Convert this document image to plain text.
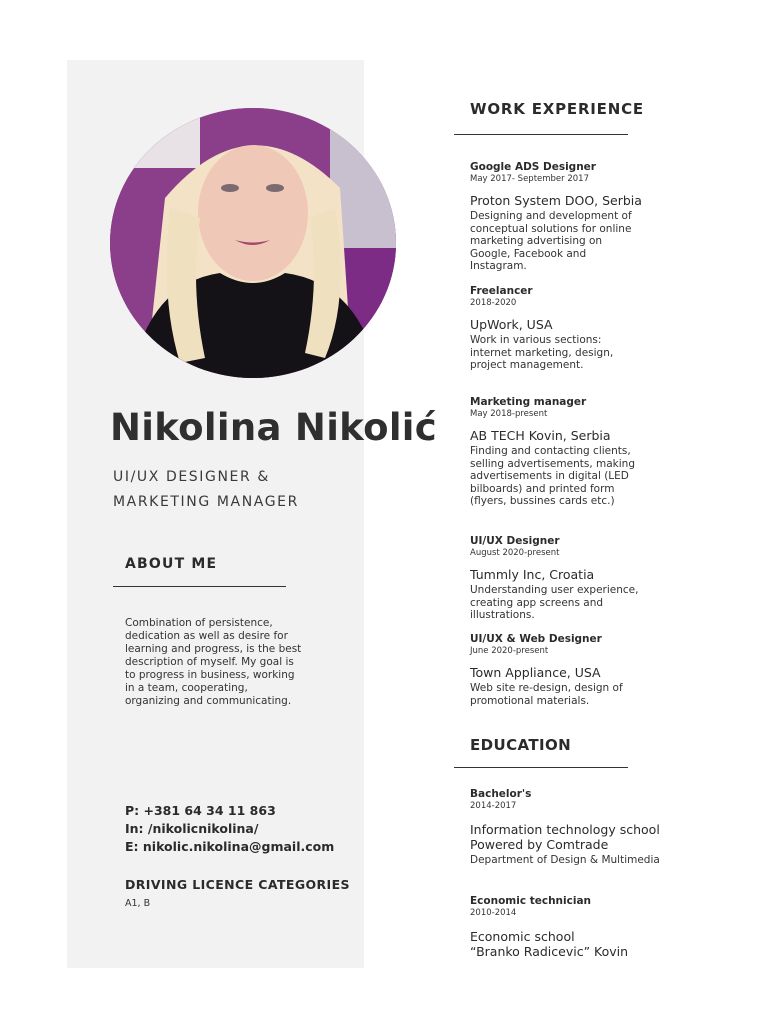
Nikolina Nikolić
UI/UX DESIGNER &
MARKETING MANAGER
ABOUT ME
Combination of persistence, dedication as well as desire for learning and progress, is the best description of myself. My goal is to progress in business, working in a team, cooperating, organizing and communicating.
P: +381 64 34 11 863
In: /nikolicnikolina/
E: nikolic.nikolina@gmail.com
DRIVING LICENCE CATEGORIES
A1, B
WORK EXPERIENCE
Google ADS Designer
May 2017- September 2017
Proton System DOO, Serbia
Designing and development of conceptual solutions for online marketing advertising on Google, Facebook and Instagram.
Freelancer
2018-2020
UpWork, USA
Work in various sections: internet marketing, design, project management.
Marketing manager
May 2018-present
AB TECH Kovin, Serbia
Finding and contacting clients, selling advertisements, making advertisements in digital (LED bilboards) and printed form (flyers, bussines cards etc.)
UI/UX Designer
August 2020-present
Tummly Inc, Croatia
Understanding user experience, creating app screens and illustrations.
UI/UX & Web Designer
June 2020-present
Town Appliance, USA
Web site re-design, design of promotional materials.
EDUCATION
Bachelor's
2014-2017
Information technology school
Powered by Comtrade
Department of Design & Multimedia
Economic technician
2010-2014
Economic school
“Branko Radicevic” Kovin
